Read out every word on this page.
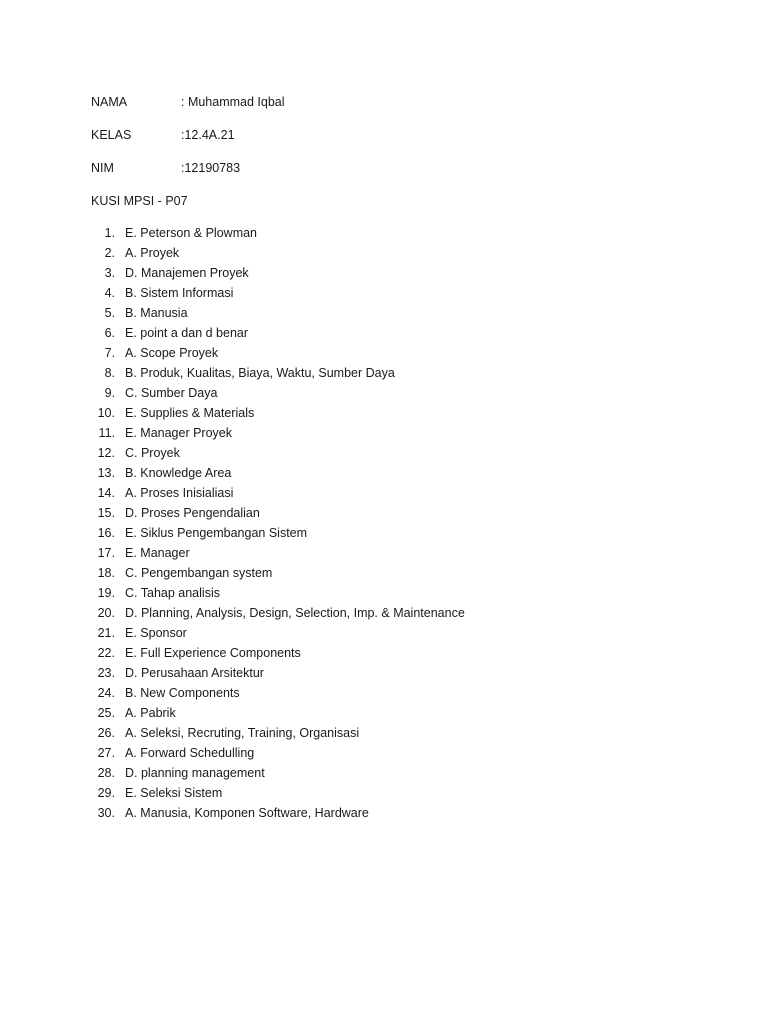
NAMA	: Muhammad Iqbal
KELAS	:12.4A.21
NIM	:12190783
KUSI MPSI - P07
1. E. Peterson & Plowman
2. A. Proyek
3. D. Manajemen Proyek
4. B. Sistem Informasi
5. B. Manusia
6. E. point a dan d benar
7. A. Scope Proyek
8. B. Produk, Kualitas, Biaya, Waktu, Sumber Daya
9. C. Sumber Daya
10. E. Supplies & Materials
11. E. Manager Proyek
12. C. Proyek
13. B. Knowledge Area
14. A. Proses Inisialiasi
15. D. Proses Pengendalian
16. E. Siklus Pengembangan Sistem
17. E. Manager
18. C. Pengembangan system
19. C. Tahap analisis
20. D. Planning, Analysis, Design, Selection, Imp. & Maintenance
21. E. Sponsor
22. E. Full Experience Components
23. D. Perusahaan Arsitektur
24. B. New Components
25. A. Pabrik
26. A. Seleksi, Recruting, Training, Organisasi
27. A. Forward Schedulling
28. D. planning management
29. E. Seleksi Sistem
30. A. Manusia, Komponen Software, Hardware
